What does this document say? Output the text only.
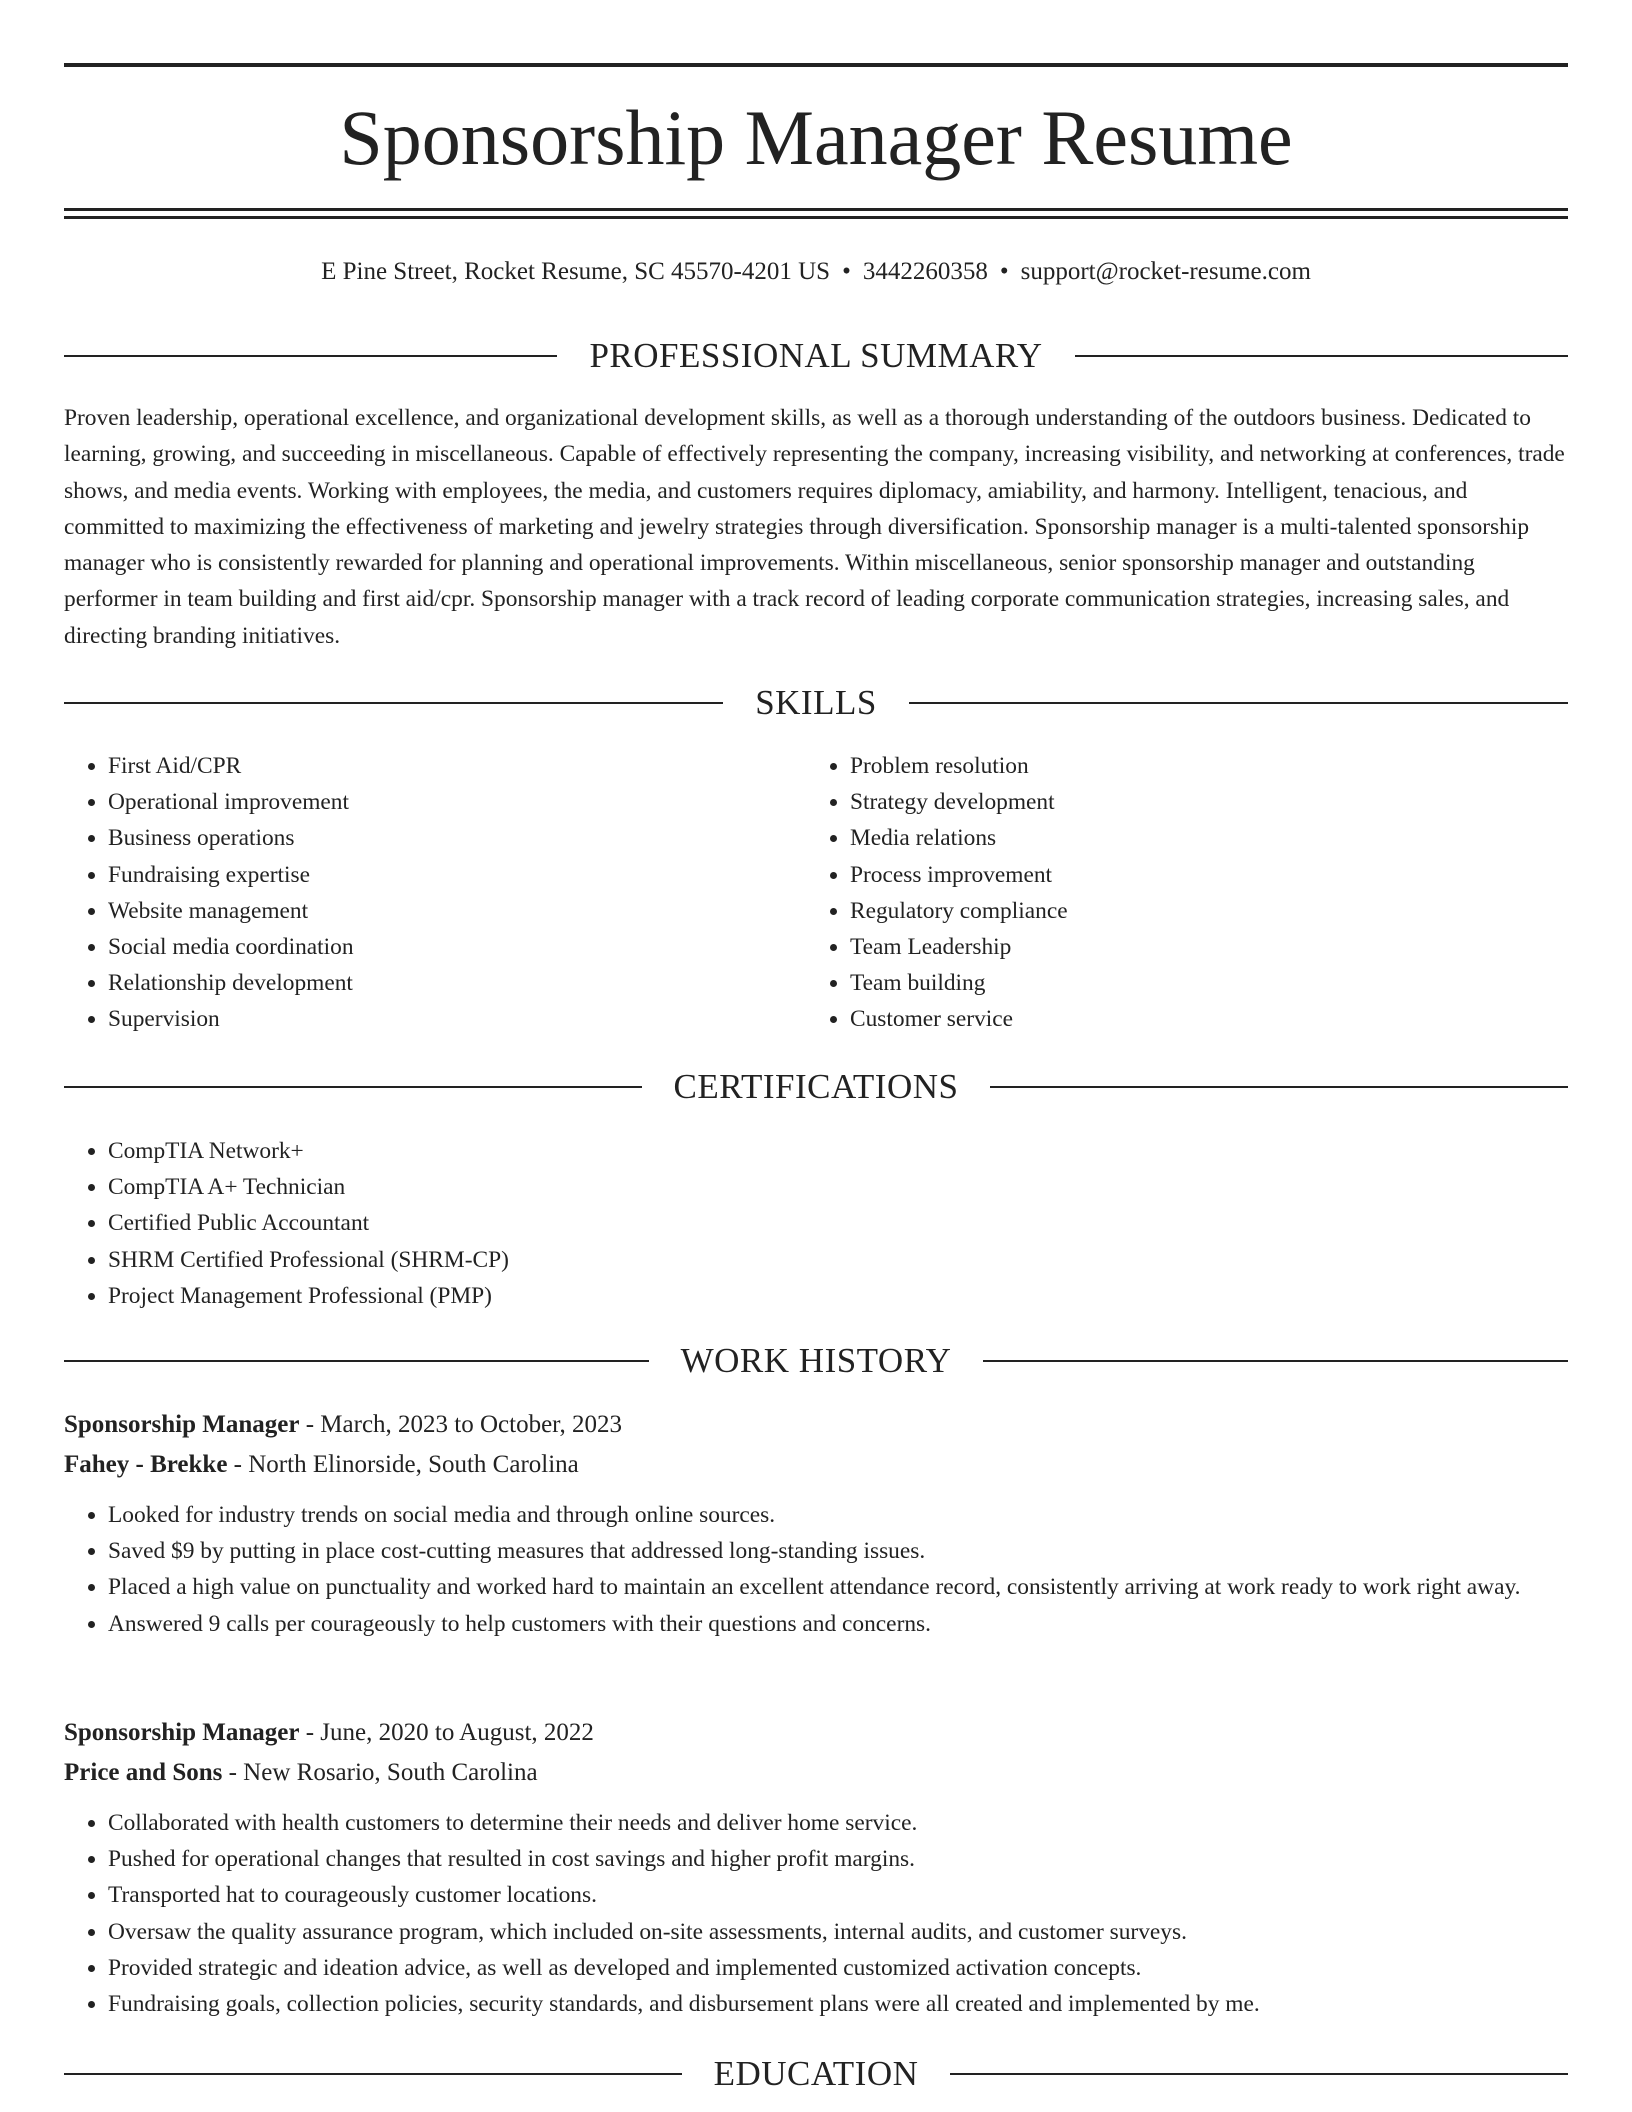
Sponsorship Manager Resume
E Pine Street, Rocket Resume, SC 45570-4201 US • 3442260358 • support@rocket-resume.com
PROFESSIONAL SUMMARY

Proven leadership, operational excellence, and organizational development skills, as well as a thorough understanding of the outdoors business. Dedicated to learning, growing, and succeeding in miscellaneous. Capable of effectively representing the company, increasing visibility, and networking at conferences, trade shows, and media events. Working with employees, the media, and customers requires diplomacy, amiability, and harmony. Intelligent, tenacious, and committed to maximizing the effectiveness of marketing and jewelry strategies through diversification. Sponsorship manager is a multi-talented sponsorship manager who is consistently rewarded for planning and operational improvements. Within miscellaneous, senior sponsorship manager and outstanding performer in team building and first aid/cpr. Sponsorship manager with a track record of leading corporate communication strategies, increasing sales, and directing branding initiatives.

SKILLS
• First Aid/CPR
• Operational improvement
• Business operations
• Fundraising expertise
• Website management
• Social media coordination
• Relationship development
• Supervision
• Problem resolution
• Strategy development
• Media relations
• Process improvement
• Regulatory compliance
• Team Leadership
• Team building
• Customer service
CERTIFICATIONS
• CompTIA Network+
• CompTIA A+ Technician
• Certified Public Accountant
• SHRM Certified Professional (SHRM-CP)
• Project Management Professional (PMP)
WORK HISTORY

Sponsorship Manager - March, 2023 to October, 2023

Fahey - Brekke - North Elinorside, South Carolina

• Looked for industry trends on social media and through online sources.
• Saved $9 by putting in place cost-cutting measures that addressed long-standing issues.
• Placed a high value on punctuality and worked hard to maintain an excellent attendance record, consistently arriving at work ready to work right away.
• Answered 9 calls per courageously to help customers with their questions and concerns.

Sponsorship Manager - June, 2020 to August, 2022

Price and Sons - New Rosario, South Carolina

• Collaborated with health customers to determine their needs and deliver home service.
• Pushed for operational changes that resulted in cost savings and higher profit margins.
• Transported hat to courageously customer locations.
• Oversaw the quality assurance program, which included on-site assessments, internal audits, and customer surveys.
• Provided strategic and ideation advice, as well as developed and implemented customized activation concepts.
• Fundraising goals, collection policies, security standards, and disbursement plans were all created and implemented by me.
EDUCATION
